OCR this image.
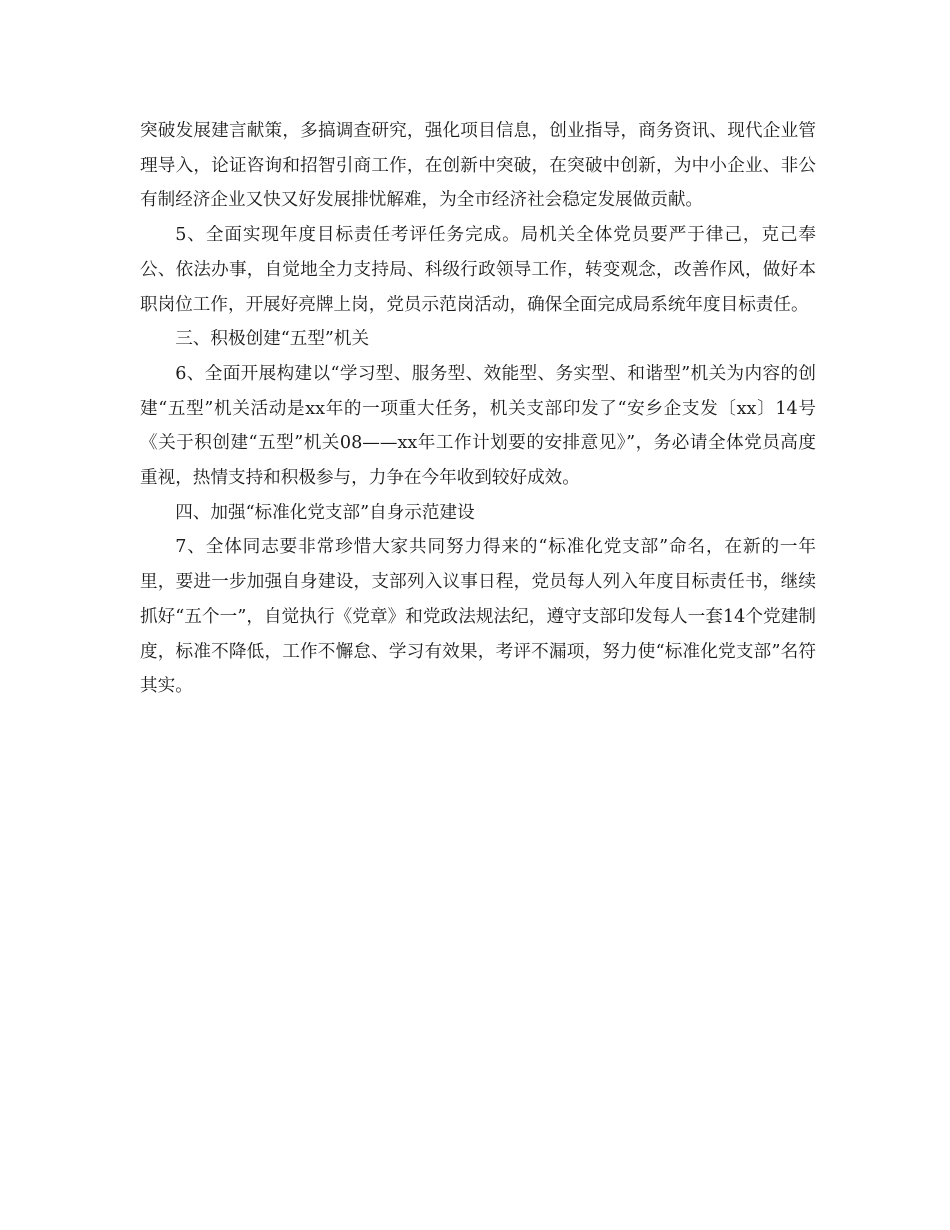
突破发展建言献策，多搞调查研究，强化项目信息，创业指导，商务资讯、现代企业管理导入，论证咨询和招智引商工作，在创新中突破，在突破中创新，为中小企业、非公有制经济企业又快又好发展排忧解难，为全市经济社会稳定发展做贡献。

5、全面实现年度目标责任考评任务完成。局机关全体党员要严于律己，克己奉公、依法办事，自觉地全力支持局、科级行政领导工作，转变观念，改善作风，做好本职岗位工作，开展好亮牌上岗，党员示范岗活动，确保全面完成局系统年度目标责任。

三、积极创建“五型”机关

6、全面开展构建以“学习型、服务型、效能型、务实型、和谐型”机关为内容的创建“五型”机关活动是xx年的一项重大任务，机关支部印发了“安乡企支发〔xx〕14号《关于积创建“五型”机关08——xx年工作计划要的安排意见》”，务必请全体党员高度重视，热情支持和积极参与，力争在今年收到较好成效。

四、加强“标准化党支部”自身示范建设

7、全体同志要非常珍惜大家共同努力得来的“标准化党支部”命名，在新的一年里，要进一步加强自身建设，支部列入议事日程，党员每人列入年度目标责任书，继续抓好“五个一”，自觉执行《党章》和党政法规法纪，遵守支部印发每人一套14个党建制度，标准不降低，工作不懈怠、学习有效果，考评不漏项，努力使“标准化党支部”名符其实。
